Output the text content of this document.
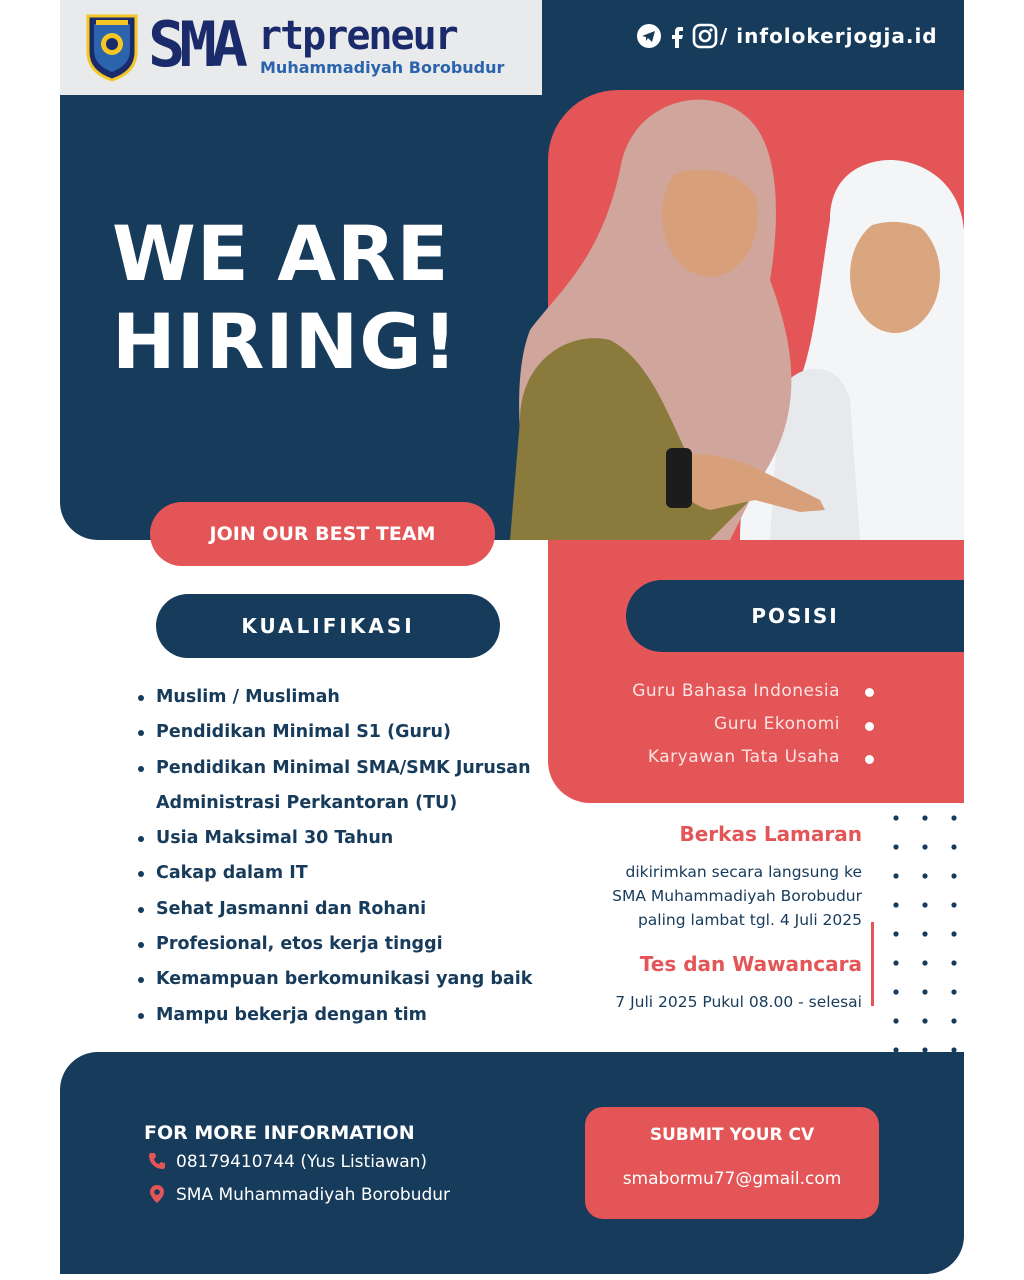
SMA rtpreneur
Muhammadiyah Borobudur
/ infolokerjogja.id
WE ARE
HIRING!
JOIN OUR BEST TEAM
KUALIFIKASI
Muslim / Muslimah
Pendidikan Minimal S1 (Guru)
Pendidikan Minimal SMA/SMK Jurusan
Administrasi Perkantoran (TU)
Usia Maksimal 30 Tahun
Cakap dalam IT
Sehat Jasmanni dan Rohani
Profesional, etos kerja tinggi
Kemampuan berkomunikasi yang baik
Mampu bekerja dengan tim
POSISI
Guru Bahasa Indonesia
Guru Ekonomi
Karyawan Tata Usaha
Berkas Lamaran
dikirimkan secara langsung ke
SMA Muhammadiyah Borobudur
paling lambat tgl. 4 Juli 2025
Tes dan Wawancara
7 Juli 2025 Pukul 08.00 - selesai
FOR MORE INFORMATION
08179410744 (Yus Listiawan)
SMA Muhammadiyah Borobudur
SUBMIT YOUR CV
smabormu77@gmail.com
